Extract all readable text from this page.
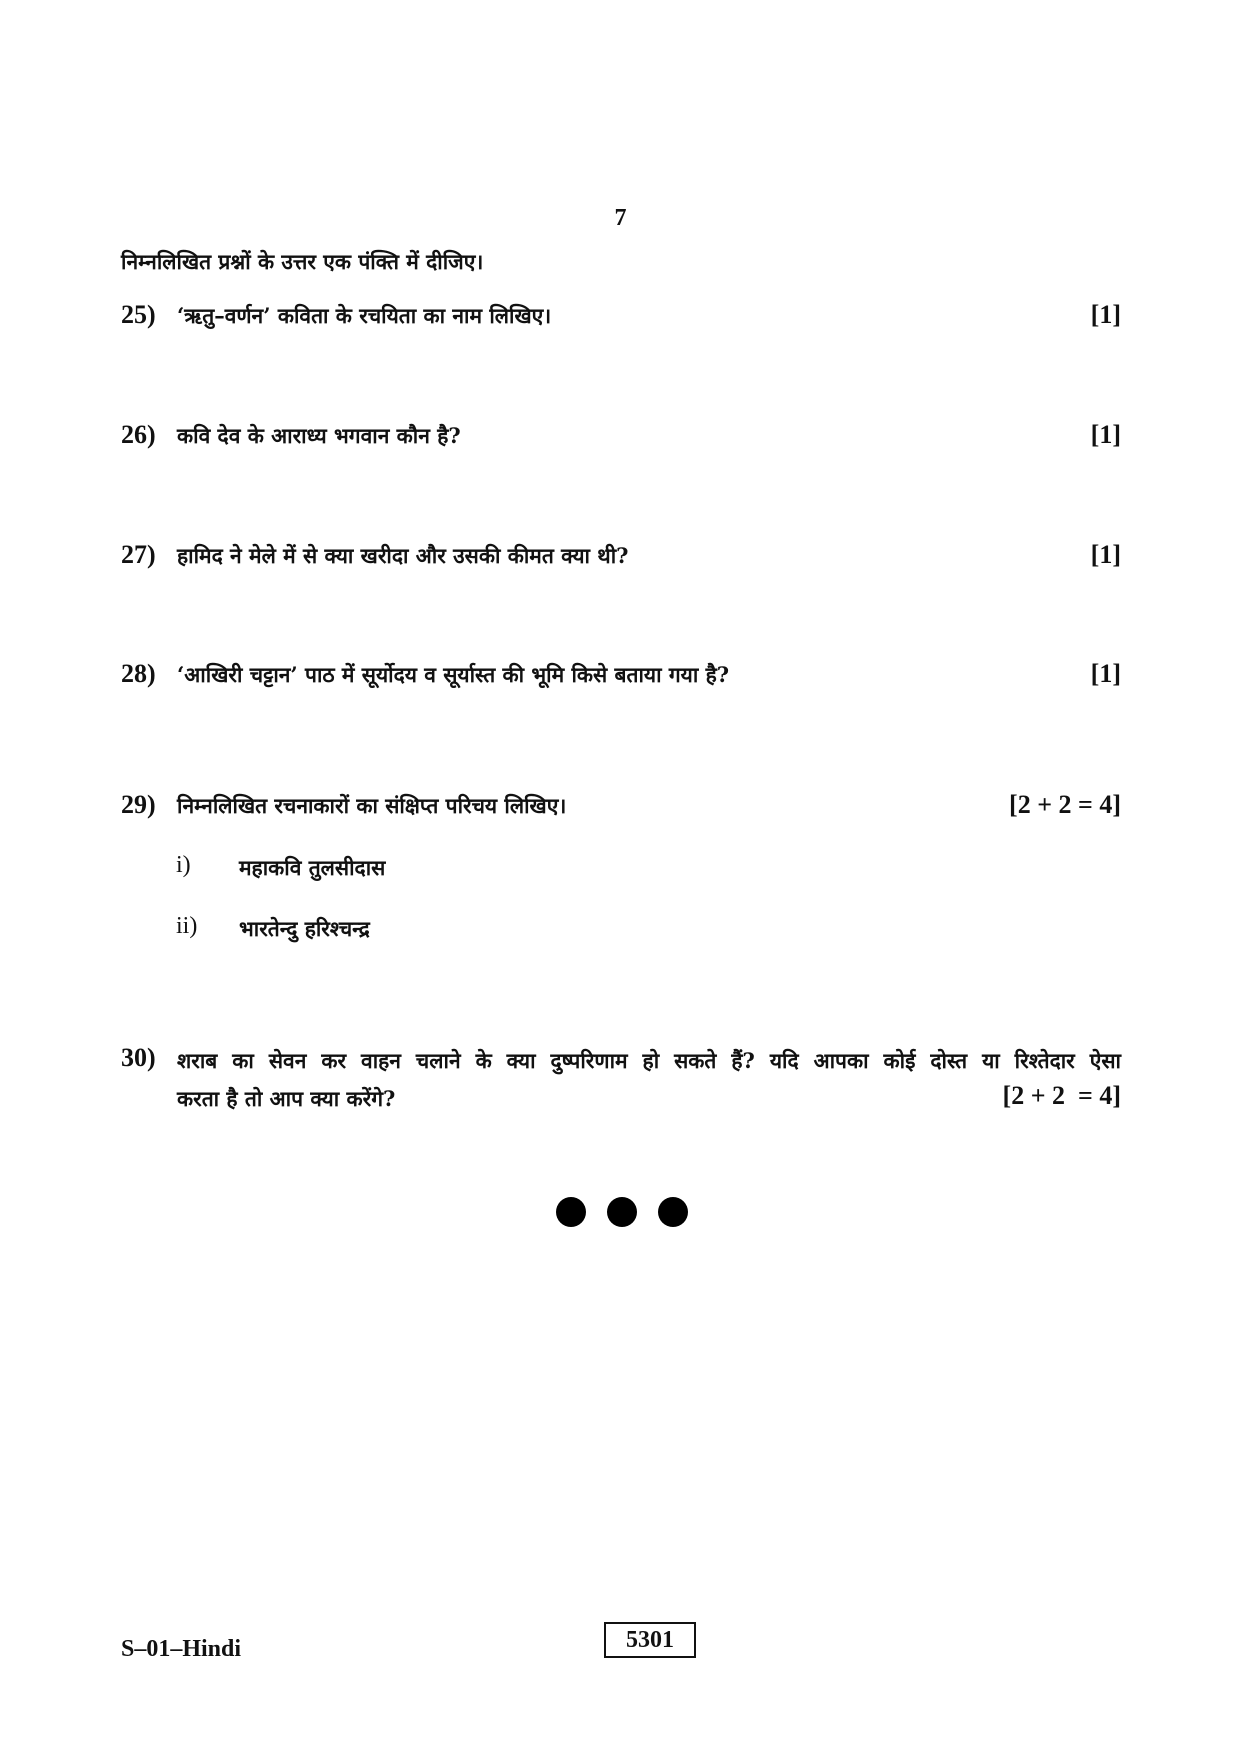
7
निम्नलिखित प्रश्नों के उत्तर एक पंक्ति में दीजिए।
25) ‘ऋतु–वर्णन’ कविता के रचयिता का नाम लिखिए।	[1]
26) कवि देव के आराध्य भगवान कौन है?	[1]
27) हामिद ने मेले में से क्या खरीदा और उसकी कीमत क्या थी?	[1]
28) ‘आखिरी चट्टान’ पाठ में सूर्योदय व सूर्यास्त की भूमि किसे बताया गया है?	[1]
29) निम्नलिखित रचनाकारों का संक्षिप्त परिचय लिखिए।	[2 + 2 = 4]
i) महाकवि तुलसीदास
ii) भारतेन्दु हरिश्चन्द्र
30) शराब का सेवन कर वाहन चलाने के क्या दुष्परिणाम हो सकते हैं? यदि आपका कोई दोस्त या रिश्तेदार ऐसा
करता है तो आप क्या करेंगे?	[2 + 2  = 4]
S–01–Hindi	5301
